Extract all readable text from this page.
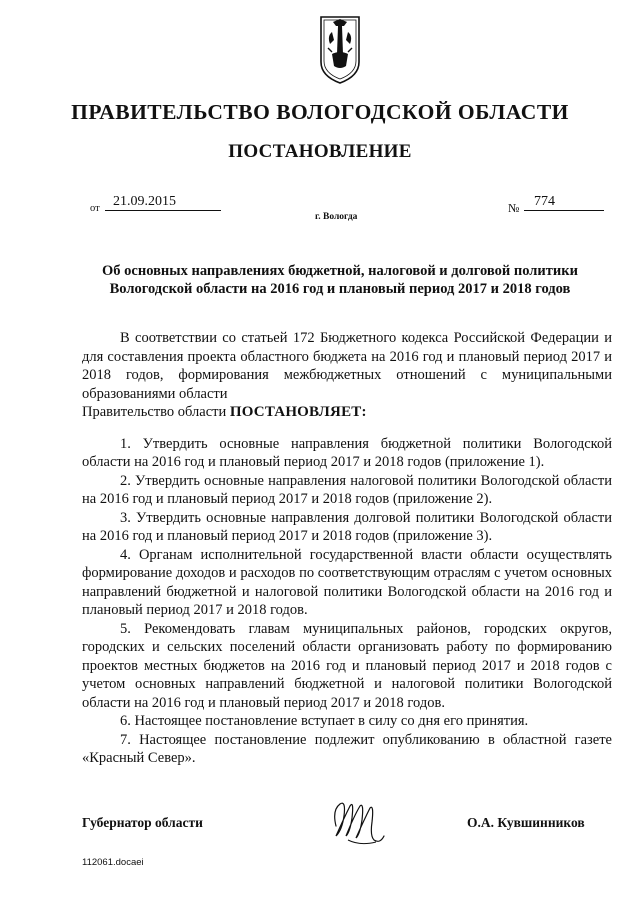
ПРАВИТЕЛЬСТВО ВОЛОГОДСКОЙ ОБЛАСТИ
ПОСТАНОВЛЕНИЕ
от 21.09.2015
г. Вологда
№	774
Об основных направлениях бюджетной, налоговой и долговой политики
Вологодской области на 2016 год и плановый период 2017 и 2018 годов

В соответствии со статьей 172 Бюджетного кодекса Российской Федерации и для составления проекта областного бюджета на 2016 год и плановый период 2017 и 2018 годов, формирования межбюджетных отношений с муниципальными образованиями области

Правительство области ПОСТАНОВЛЯЕТ:

1. Утвердить основные направления бюджетной политики Вологодской области на 2016 год и плановый период 2017 и 2018 годов (приложение 1).

2. Утвердить основные направления налоговой политики Вологодской области на 2016 год и плановый период 2017 и 2018 годов (приложение 2).

3. Утвердить основные направления долговой политики Вологодской области на 2016 год и плановый период 2017 и 2018 годов (приложение 3).

4. Органам исполнительной государственной власти области осуществлять формирование доходов и расходов по соответствующим отраслям с учетом основных направлений бюджетной и налоговой политики Вологодской области на 2016 год и плановый период 2017 и 2018 годов.

5. Рекомендовать главам муниципальных районов, городских округов, городских и сельских поселений области организовать работу по формированию проектов местных бюджетов на 2016 год и плановый период 2017 и 2018 годов с учетом основных направлений бюджетной и налоговой политики Вологодской области на 2016 год и плановый период 2017 и 2018 годов.

6. Настоящее постановление вступает в силу со дня его принятия.

7. Настоящее постановление подлежит опубликованию в областной газете «Красный Север».

Губернатор области	О.А. Кувшинников
112061.docaei
